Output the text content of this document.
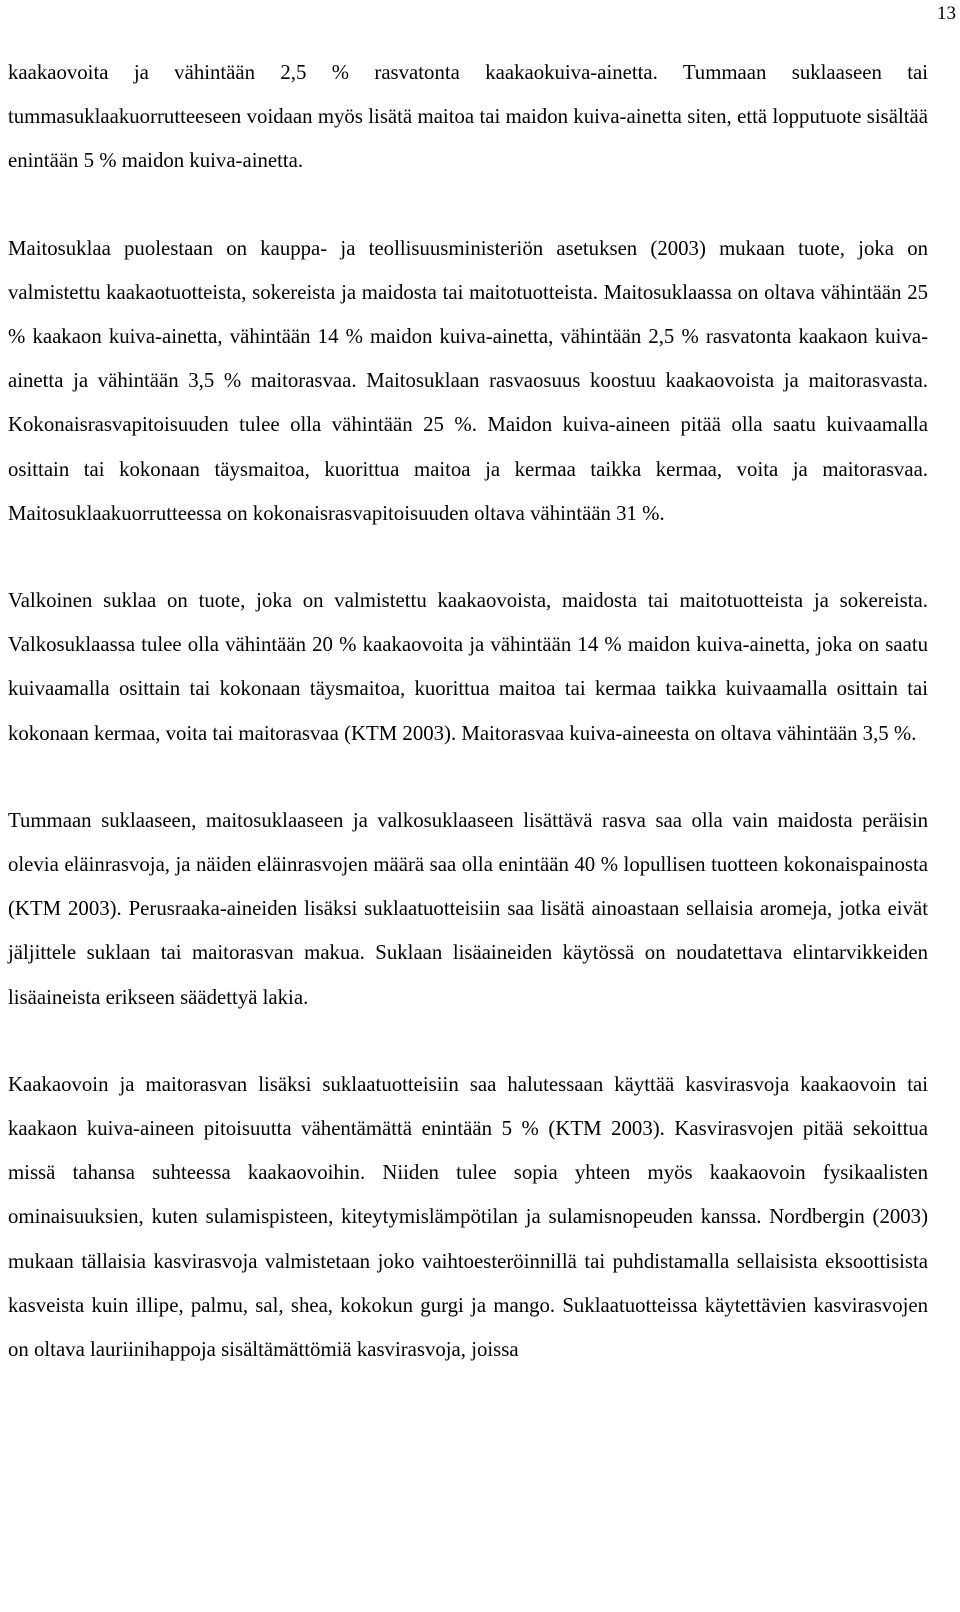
13

kaakaovoita ja vähintään 2,5 % rasvatonta kaakaokuiva-ainetta. Tummaan suklaaseen tai tummasuklaakuorrutteeseen voidaan myös lisätä maitoa tai maidon kuiva-ainetta siten, että lopputuote sisältää enintään 5 % maidon kuiva-ainetta.

Maitosuklaa puolestaan on kauppa- ja teollisuusministeriön asetuksen (2003) mukaan tuote, joka on valmistettu kaakaotuotteista, sokereista ja maidosta tai maitotuotteista. Maitosuklaassa on oltava vähintään 25 % kaakaon kuiva-ainetta, vähintään 14 % maidon kuiva-ainetta, vähintään 2,5 % rasvatonta kaakaon kuiva-ainetta ja vähintään 3,5 % maitorasvaa. Maitosuklaan rasvaosuus koostuu kaakaovoista ja maitorasvasta. Kokonaisrasvapitoisuuden tulee olla vähintään 25 %. Maidon kuiva-aineen pitää olla saatu kuivaamalla osittain tai kokonaan täysmaitoa, kuorittua maitoa ja kermaa taikka kermaa, voita ja maitorasvaa. Maitosuklaakuorrutteessa on kokonaisrasvapitoisuuden oltava vähintään 31 %.

Valkoinen suklaa on tuote, joka on valmistettu kaakaovoista, maidosta tai maitotuotteista ja sokereista. Valkosuklaassa tulee olla vähintään 20 % kaakaovoita ja vähintään 14 % maidon kuiva-ainetta, joka on saatu kuivaamalla osittain tai kokonaan täysmaitoa, kuorittua maitoa tai kermaa taikka kuivaamalla osittain tai kokonaan kermaa, voita tai maitorasvaa (KTM 2003). Maitorasvaa kuiva-aineesta on oltava vähintään 3,5 %.

Tummaan suklaaseen, maitosuklaaseen ja valkosuklaaseen lisättävä rasva saa olla vain maidosta peräisin olevia eläinrasvoja, ja näiden eläinrasvojen määrä saa olla enintään 40 % lopullisen tuotteen kokonaispainosta (KTM 2003). Perusraaka-aineiden lisäksi suklaatuotteisiin saa lisätä ainoastaan sellaisia aromeja, jotka eivät jäljittele suklaan tai maitorasvan makua. Suklaan lisäaineiden käytössä on noudatettava elintarvikkeiden lisäaineista erikseen säädettyä lakia.

Kaakaovoin ja maitorasvan lisäksi suklaatuotteisiin saa halutessaan käyttää kasvirasvoja kaakaovoin tai kaakaon kuiva-aineen pitoisuutta vähentämättä enintään 5 % (KTM 2003). Kasvirasvojen pitää sekoittua missä tahansa suhteessa kaakaovoihin. Niiden tulee sopia yhteen myös kaakaovoin fysikaalisten ominaisuuksien, kuten sulamispisteen, kiteytymislämpötilan ja sulamisnopeuden kanssa. Nordbergin (2003) mukaan tällaisia kasvirasvoja valmistetaan joko vaihtoesteröinnillä tai puhdistamalla sellaisista eksoottisista kasveista kuin illipe, palmu, sal, shea, kokokun gurgi ja mango. Suklaatuotteissa käytettävien kasvirasvojen on oltava lauriinihappoja sisältämättömiä kasvirasvoja, joissa
